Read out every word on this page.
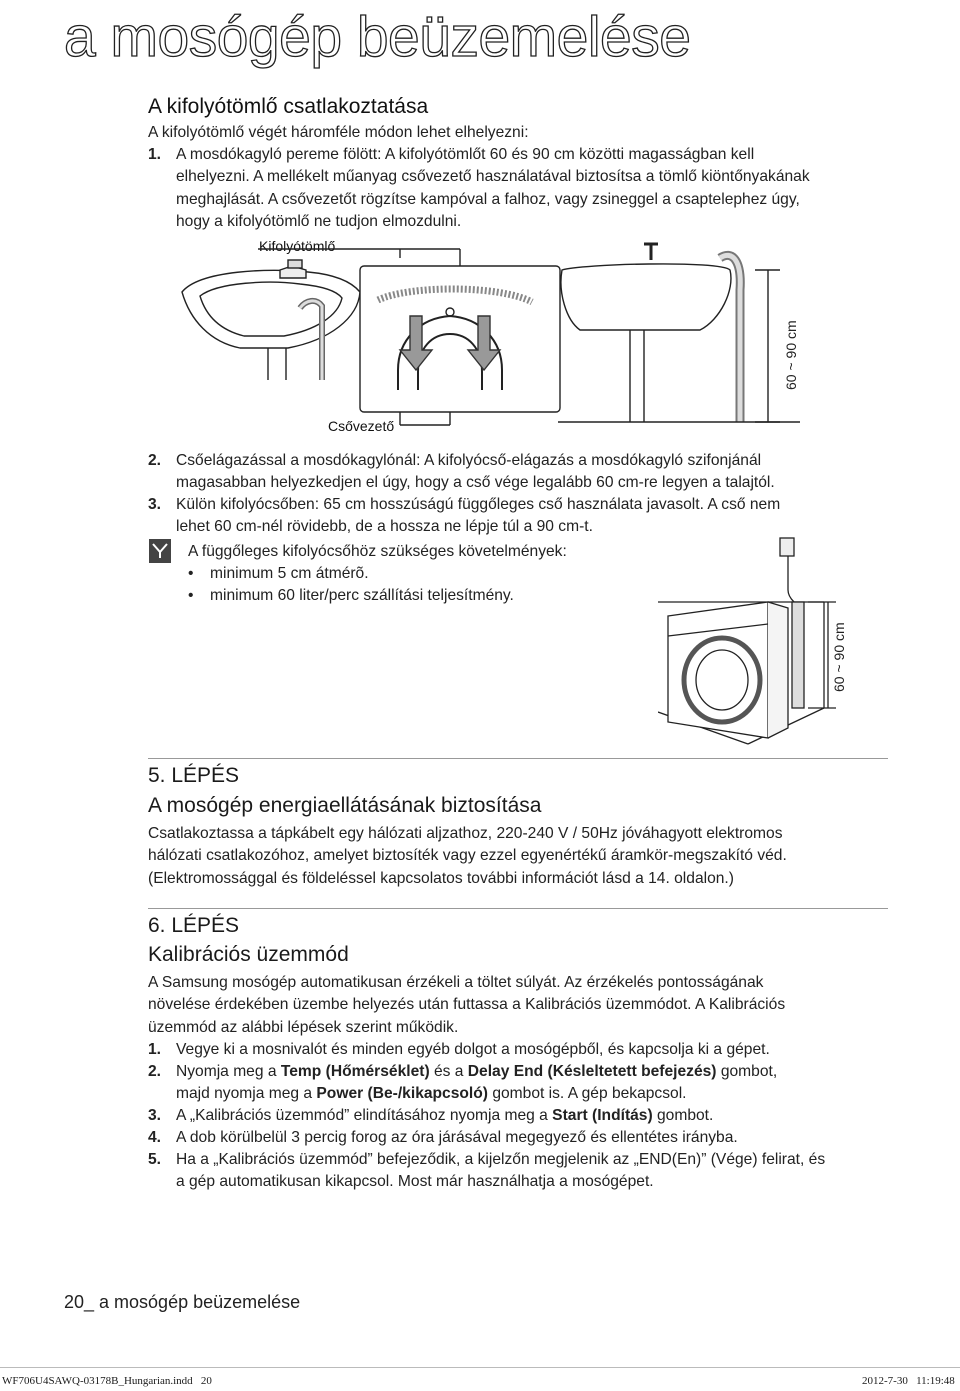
a mosógép beüzemelése
A kifolyótömlő csatlakoztatása
A kifolyótömlő végét háromféle módon lehet elhelyezni:
1. A mosdókagyló pereme fölött: A kifolyótömlőt 60 és 90 cm közötti magasságban kell
elhelyezni. A mellékelt műanyag csővezető használatával biztosítsa a tömlő kiöntőnyakának
meghajlását. A csővezetőt rögzítse kampóval a falhoz, vagy zsineggel a csaptelephez úgy,
hogy a kifolyótömlő ne tudjon elmozdulni.
Kifolyótömlő
Csővezető
60 ~ 90 cm
2. Csőelágazással a mosdókagylónál: A kifolyócső-elágazás a mosdókagyló szifonjánál
magasabban helyezkedjen el úgy, hogy a cső vége legalább 60 cm-re legyen a talajtól.
3. Külön kifolyócsőben: 65 cm hosszúságú függőleges cső használata javasolt. A cső nem
lehet 60 cm-nél rövidebb, de a hossza ne lépje túl a 90 cm-t.
A függőleges kifolyócsőhöz szükséges követelmények:
• minimum 5 cm átmérõ.
• minimum 60 liter/perc szállítási teljesítmény.
60 ~ 90 cm
5. LÉPÉS
A mosógép energiaellátásának biztosítása
Csatlakoztassa a tápkábelt egy hálózati aljzathoz, 220-240 V / 50Hz jóváhagyott elektromos
hálózati csatlakozóhoz, amelyet biztosíték vagy ezzel egyenértékű áramkör-megszakító véd.
(Elektromossággal és földeléssel kapcsolatos további információt lásd a 14. oldalon.)
6. LÉPÉS
Kalibrációs üzemmód
A Samsung mosógép automatikusan érzékeli a töltet súlyát. Az érzékelés pontosságának
növelése érdekében üzembe helyezés után futtassa a Kalibrációs üzemmódot. A Kalibrációs
üzemmód az alábbi lépések szerint működik.
1. Vegye ki a mosnivalót és minden egyéb dolgot a mosógépből, és kapcsolja ki a gépet.
2. Nyomja meg a Temp (Hőmérséklet) és a Delay End (Késleltetett befejezés) gombot,
majd nyomja meg a Power (Be-/kikapcsoló) gombot is. A gép bekapcsol.
3. A „Kalibrációs üzemmód” elindításához nyomja meg a Start (Indítás) gombot.
4. A dob körülbelül 3 percig forog az óra járásával megegyező és ellentétes irányba.
5. Ha a „Kalibrációs üzemmód” befejeződik, a kijelzőn megjelenik az „END(En)” (Vége) felirat, és
a gép automatikusan kikapcsol. Most már használhatja a mosógépet.
20_ a mosógép beüzemelése
WF706U4SAWQ-03178B_Hungarian.indd   20	2012-7-30   11:19:48
